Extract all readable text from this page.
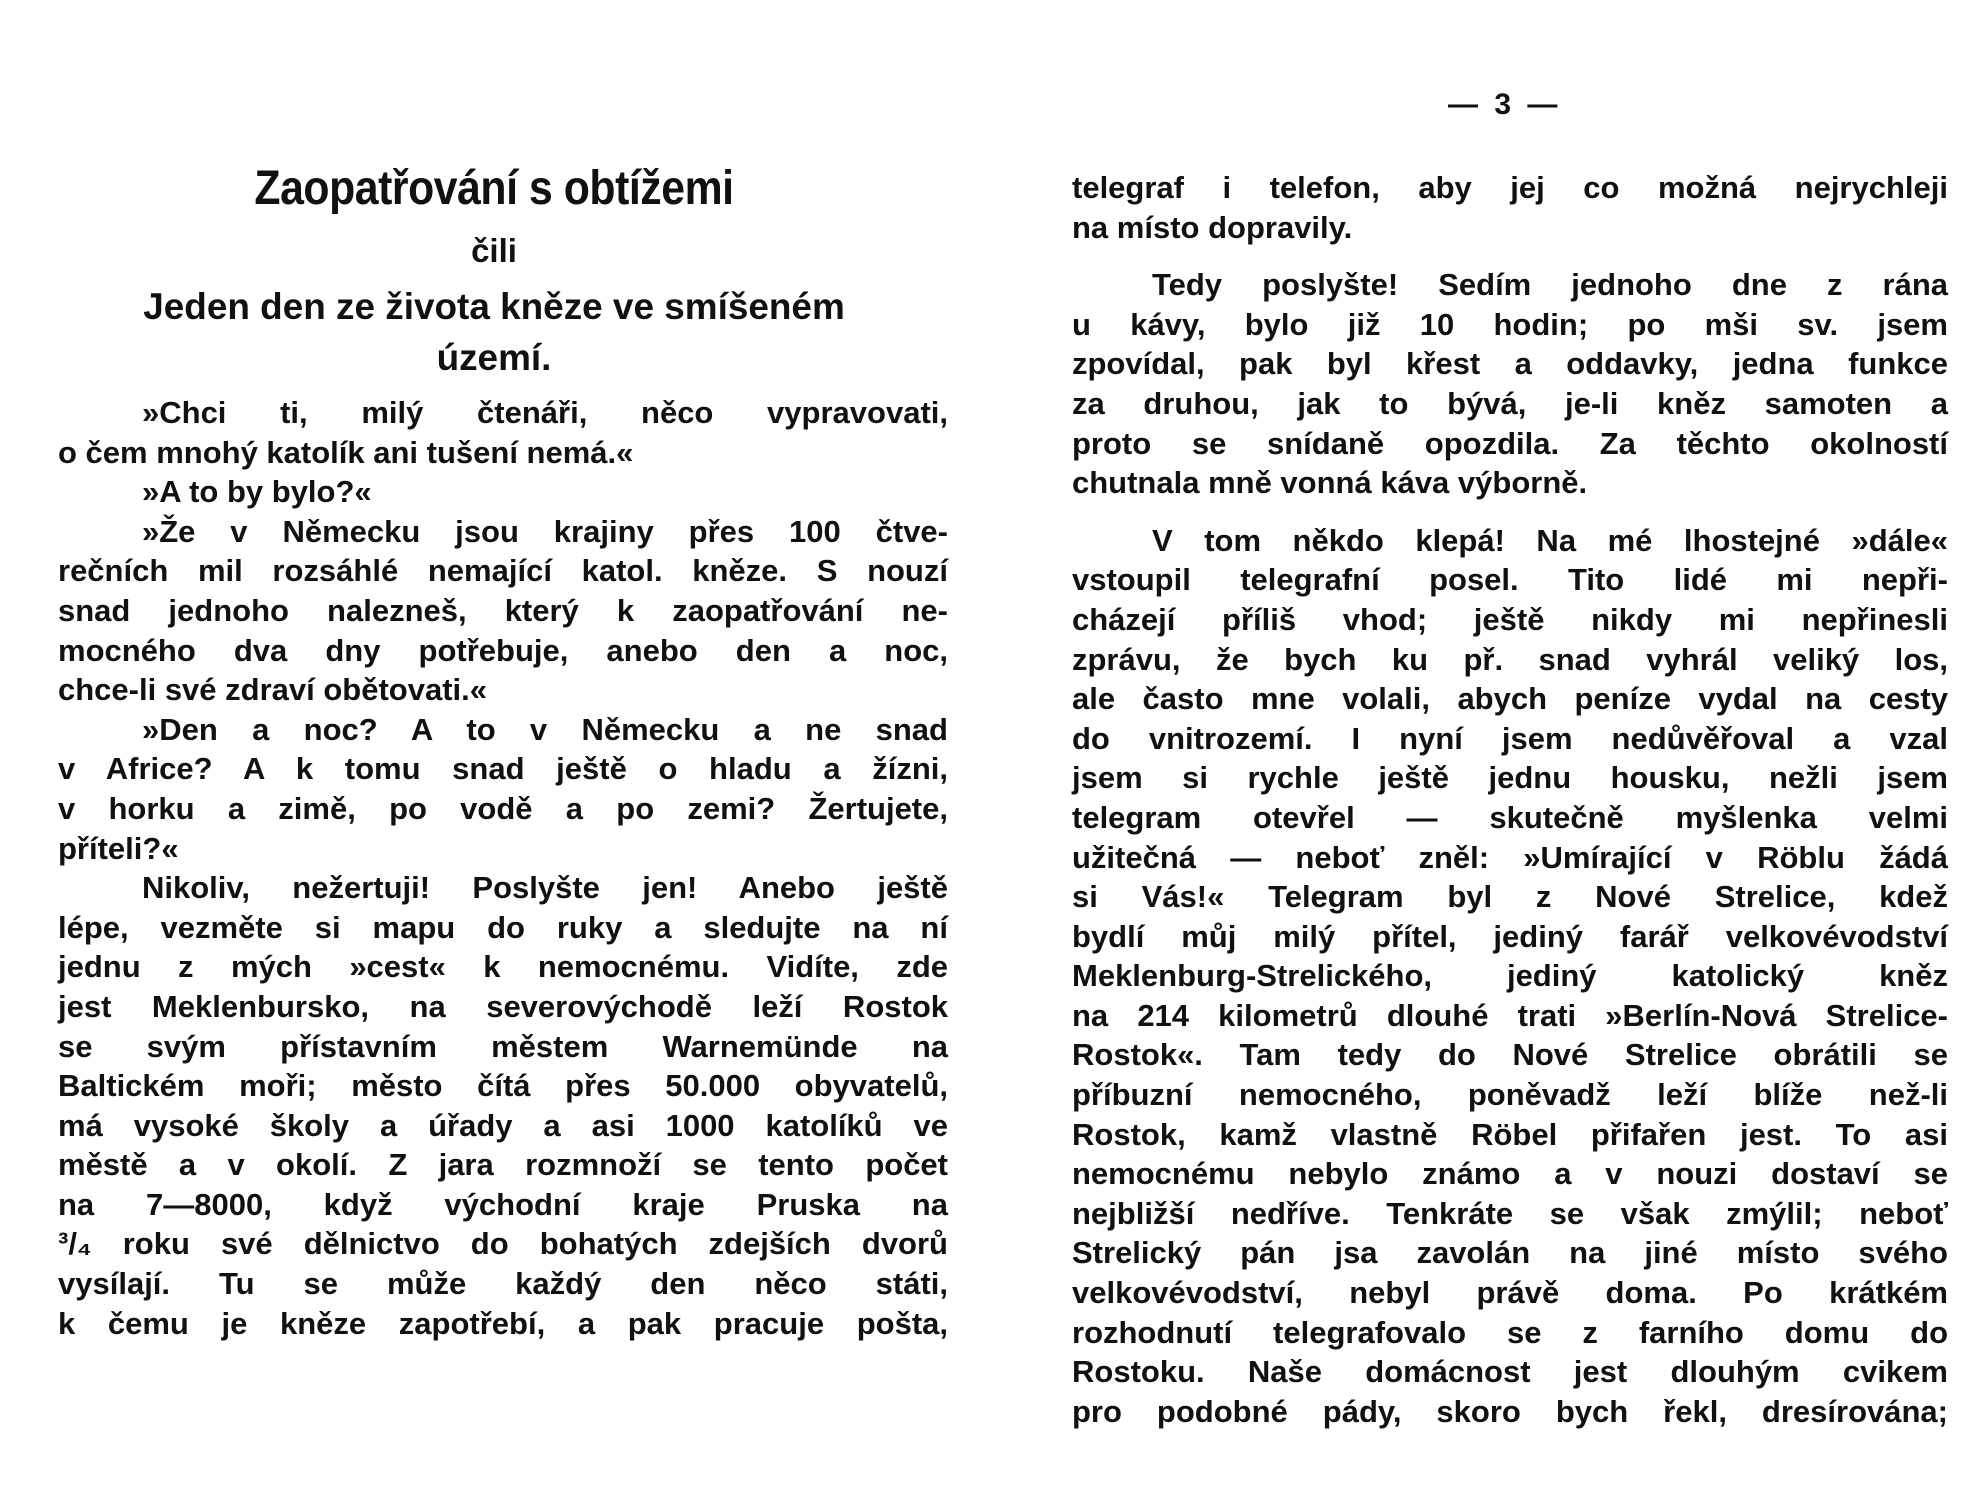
Zaopatřování s obtížemi
čili
Jeden den ze života kněze ve smíšeném
území.
»Chci ti, milý čtenáři, něco vypravovati,
o čem mnohý katolík ani tušení nemá.«
»A to by bylo?«
»Že v Německu jsou krajiny přes 100 čtve-
rečních mil rozsáhlé nemající katol. kněze. S nouzí
snad jednoho nalezneš, který k zaopatřování ne-
mocného dva dny potřebuje, anebo den a noc,
chce-li své zdraví obětovati.«
»Den a noc? A to v Německu a ne snad
v Africe? A k tomu snad ještě o hladu a žízni,
v horku a zimě, po vodě a po zemi? Žertujete,
příteli?«
Nikoliv, nežertuji! Poslyšte jen! Anebo ještě
lépe, vezměte si mapu do ruky a sledujte na ní
jednu z mých »cest« k nemocnému. Vidíte, zde
jest Meklenbursko, na severovýchodě leží Rostok
se svým přístavním městem Warnemünde na
Baltickém moři; město čítá přes 50.000 obyvatelů,
má vysoké školy a úřady a asi 1000 katolíků ve
městě a v okolí. Z jara rozmnoží se tento počet
na 7—8000, když východní kraje Pruska na
³/₄ roku své dělnictvo do bohatých zdejších dvorů
vysílají. Tu se může každý den něco státi,
k čemu je kněze zapotřebí, a pak pracuje pošta,
— 3 —
telegraf i telefon, aby jej co možná nejrychleji
na místo dopravily.
Tedy poslyšte! Sedím jednoho dne z rána
u kávy, bylo již 10 hodin; po mši sv. jsem
zpovídal, pak byl křest a oddavky, jedna funkce
za druhou, jak to bývá, je-li kněz samoten a
proto se snídaně opozdila. Za těchto okolností
chutnala mně vonná káva výborně.
V tom někdo klepá! Na mé lhostejné »dále«
vstoupil telegrafní posel. Tito lidé mi nepři-
cházejí příliš vhod; ještě nikdy mi nepřinesli
zprávu, že bych ku př. snad vyhrál veliký los,
ale často mne volali, abych peníze vydal na cesty
do vnitrozemí. I nyní jsem nedůvěřoval a vzal
jsem si rychle ještě jednu housku, nežli jsem
telegram otevřel — skutečně myšlenka velmi
užitečná — neboť zněl: »Umírající v Röblu žádá
si Vás!« Telegram byl z Nové Strelice, kdež
bydlí můj milý přítel, jediný farář velkovévodství
Meklenburg-Strelického, jediný katolický kněz
na 214 kilometrů dlouhé trati »Berlín-Nová Strelice-
Rostok«. Tam tedy do Nové Strelice obrátili se
příbuzní nemocného, poněvadž leží blíže než-li
Rostok, kamž vlastně Röbel přifařen jest. To asi
nemocnému nebylo známo a v nouzi dostaví se
nejbližší nedříve. Tenkráte se však zmýlil; neboť
Strelický pán jsa zavolán na jiné místo svého
velkovévodství, nebyl právě doma. Po krátkém
rozhodnutí telegrafovalo se z farního domu do
Rostoku. Naše domácnost jest dlouhým cvikem
pro podobné pády, skoro bych řekl, dresírována;
